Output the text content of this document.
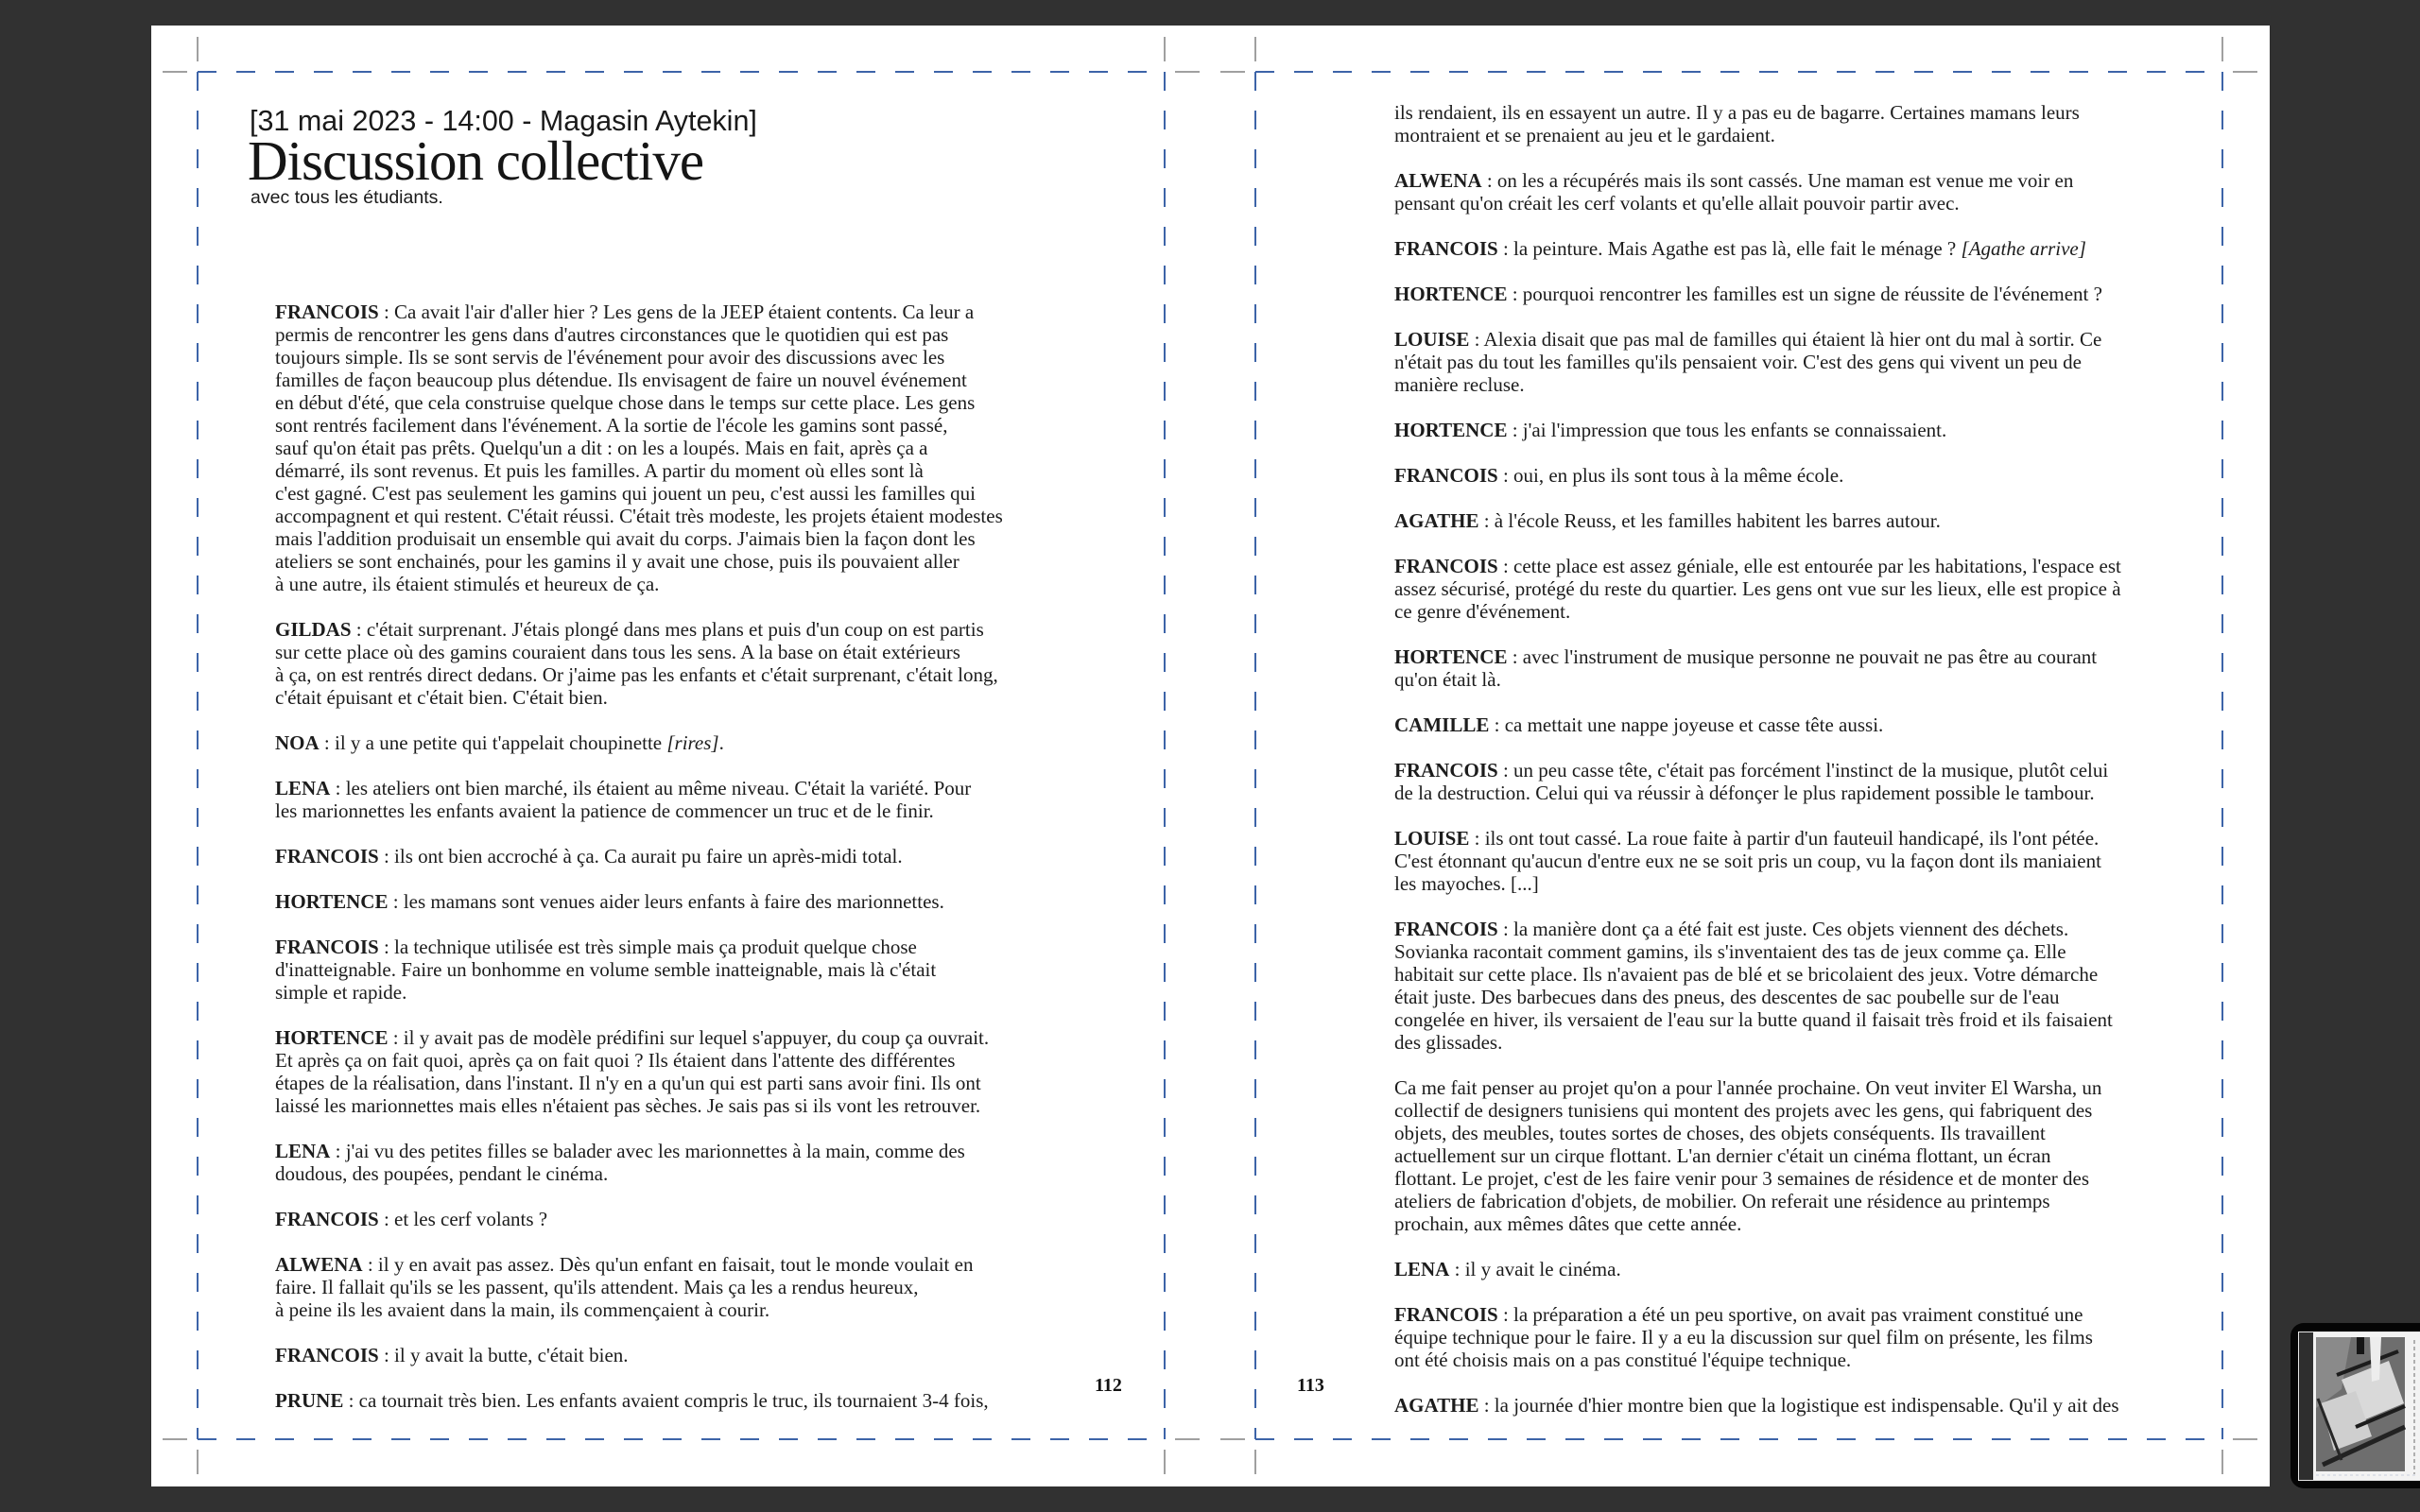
[31 mai 2023 - 14:00 - Magasin Aytekin]
Discussion collective
avec tous les étudiants.
FRANCOIS : Ca avait l'air d'aller hier ? Les gens de la JEEP étaient contents. Ca leur a
permis de rencontrer les gens dans d'autres circonstances que le quotidien qui est pas
toujours simple. Ils se sont servis de l'événement pour avoir des discussions avec les
familles de façon beaucoup plus détendue. Ils envisagent de faire un nouvel événement
en début d'été, que cela construise quelque chose dans le temps sur cette place. Les gens
sont rentrés facilement dans l'événement. A la sortie de l'école les gamins sont passé,
sauf qu'on était pas prêts. Quelqu'un a dit : on les a loupés. Mais en fait, après ça a
démarré, ils sont revenus. Et puis les familles. A partir du moment où elles sont là
c'est gagné. C'est pas seulement les gamins qui jouent un peu, c'est aussi les familles qui
accompagnent et qui restent. C'était réussi. C'était très modeste, les projets étaient modestes
mais l'addition produisait un ensemble qui avait du corps. J'aimais bien la façon dont les
ateliers se sont enchainés, pour les gamins il y avait une chose, puis ils pouvaient aller
à une autre, ils étaient stimulés et heureux de ça.
GILDAS : c'était surprenant. J'étais plongé dans mes plans et puis d'un coup on est partis
sur cette place où des gamins couraient dans tous les sens. A la base on était extérieurs
à ça, on est rentrés direct dedans. Or j'aime pas les enfants et c'était surprenant, c'était long,
c'était épuisant et c'était bien. C'était bien.
NOA : il y a une petite qui t'appelait choupinette [rires].
LENA : les ateliers ont bien marché, ils étaient au même niveau. C'était la variété. Pour
les marionnettes les enfants avaient la patience de commencer un truc et de le finir.
FRANCOIS : ils ont bien accroché à ça. Ca aurait pu faire un après-midi total.
HORTENCE : les mamans sont venues aider leurs enfants à faire des marionnettes.
FRANCOIS : la technique utilisée est très simple mais ça produit quelque chose
d'inatteignable. Faire un bonhomme en volume semble inatteignable, mais là c'était
simple et rapide.
HORTENCE : il y avait pas de modèle prédifini sur lequel s'appuyer, du coup ça ouvrait.
Et après ça on fait quoi, après ça on fait quoi ? Ils étaient dans l'attente des différentes
étapes de la réalisation, dans l'instant. Il n'y en a qu'un qui est parti sans avoir fini. Ils ont
laissé les marionnettes mais elles n'étaient pas sèches. Je sais pas si ils vont les retrouver.
LENA : j'ai vu des petites filles se balader avec les marionnettes à la main, comme des
doudous, des poupées, pendant le cinéma.
FRANCOIS : et les cerf volants ?
ALWENA : il y en avait pas assez. Dès qu'un enfant en faisait, tout le monde voulait en
faire. Il fallait qu'ils se les passent, qu'ils attendent. Mais ça les a rendus heureux,
à peine ils les avaient dans la main, ils commençaient à courir.
FRANCOIS : il y avait la butte, c'était bien.
PRUNE : ca tournait très bien. Les enfants avaient compris le truc, ils tournaient 3-4 fois,
ils rendaient, ils en essayent un autre. Il y a pas eu de bagarre. Certaines mamans leurs
montraient et se prenaient au jeu et le gardaient.
ALWENA : on les a récupérés mais ils sont cassés. Une maman est venue me voir en
pensant qu'on créait les cerf volants et qu'elle allait pouvoir partir avec.
FRANCOIS : la peinture. Mais Agathe est pas là, elle fait le ménage ? [Agathe arrive]
HORTENCE : pourquoi rencontrer les familles est un signe de réussite de l'événement ?
LOUISE : Alexia disait que pas mal de familles qui étaient là hier ont du mal à sortir. Ce
n'était pas du tout les familles qu'ils pensaient voir. C'est des gens qui vivent un peu de
manière recluse.
HORTENCE : j'ai l'impression que tous les enfants se connaissaient.
FRANCOIS : oui, en plus ils sont tous à la même école.
AGATHE : à l'école Reuss, et les familles habitent les barres autour.
FRANCOIS : cette place est assez géniale, elle est entourée par les habitations, l'espace est
assez sécurisé, protégé du reste du quartier. Les gens ont vue sur les lieux, elle est propice à
ce genre d'événement.
HORTENCE : avec l'instrument de musique personne ne pouvait ne pas être au courant
qu'on était là.
CAMILLE : ca mettait une nappe joyeuse et casse tête aussi.
FRANCOIS : un peu casse tête, c'était pas forcément l'instinct de la musique, plutôt celui
de la destruction. Celui qui va réussir à défonçer le plus rapidement possible le tambour.
LOUISE : ils ont tout cassé. La roue faite à partir d'un fauteuil handicapé, ils l'ont pétée.
C'est étonnant qu'aucun d'entre eux ne se soit pris un coup, vu la façon dont ils maniaient
les mayoches. [...]
FRANCOIS : la manière dont ça a été fait est juste. Ces objets viennent des déchets.
Sovianka racontait comment gamins, ils s'inventaient des tas de jeux comme ça. Elle
habitait sur cette place. Ils n'avaient pas de blé et se bricolaient des jeux. Votre démarche
était juste. Des barbecues dans des pneus, des descentes de sac poubelle sur de l'eau
congelée en hiver, ils versaient de l'eau sur la butte quand il faisait très froid et ils faisaient
des glissades.
Ca me fait penser au projet qu'on a pour l'année prochaine. On veut inviter El Warsha, un
collectif de designers tunisiens qui montent des projets avec les gens, qui fabriquent des
objets, des meubles, toutes sortes de choses, des objets conséquents. Ils travaillent
actuellement sur un cirque flottant. L'an dernier c'était un cinéma flottant, un écran
flottant. Le projet, c'est de les faire venir pour 3 semaines de résidence et de monter des
ateliers de fabrication d'objets, de mobilier. On referait une résidence au printemps
prochain, aux mêmes dâtes que cette année.
LENA : il y avait le cinéma.
FRANCOIS : la préparation a été un peu sportive, on avait pas vraiment constitué une
équipe technique pour le faire. Il y a eu la discussion sur quel film on présente, les films
ont été choisis mais on a pas constitué l'équipe technique.
AGATHE : la journée d'hier montre bien que la logistique est indispensable. Qu'il y ait des
112	113
